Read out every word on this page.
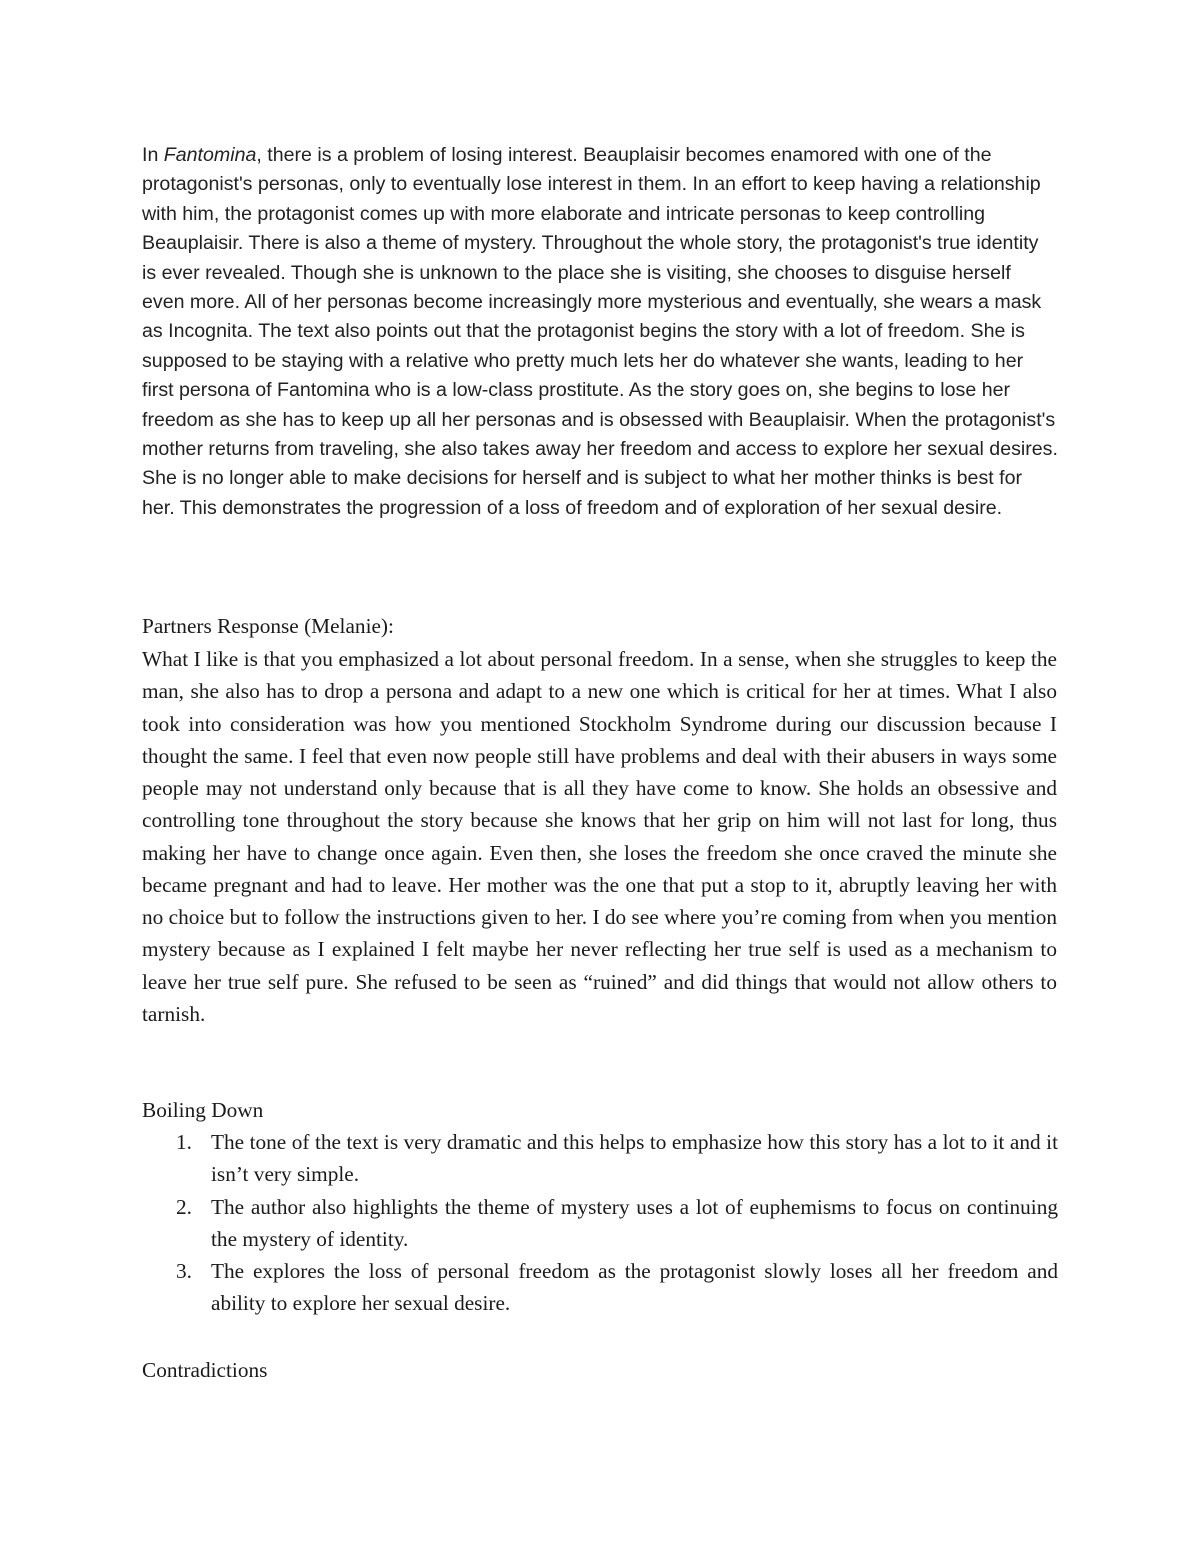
In Fantomina, there is a problem of losing interest. Beauplaisir becomes enamored with one of the protagonist's personas, only to eventually lose interest in them. In an effort to keep having a relationship with him, the protagonist comes up with more elaborate and intricate personas to keep controlling Beauplaisir. There is also a theme of mystery. Throughout the whole story, the protagonist's true identity is ever revealed. Though she is unknown to the place she is visiting, she chooses to disguise herself even more. All of her personas become increasingly more mysterious and eventually, she wears a mask as Incognita. The text also points out that the protagonist begins the story with a lot of freedom. She is supposed to be staying with a relative who pretty much lets her do whatever she wants, leading to her first persona of Fantomina who is a low-class prostitute. As the story goes on, she begins to lose her freedom as she has to keep up all her personas and is obsessed with Beauplaisir. When the protagonist's mother returns from traveling, she also takes away her freedom and access to explore her sexual desires. She is no longer able to make decisions for herself and is subject to what her mother thinks is best for her. This demonstrates the progression of a loss of freedom and of exploration of her sexual desire.

Partners Response (Melanie):

What I like is that you emphasized a lot about personal freedom. In a sense, when she struggles to keep the man, she also has to drop a persona and adapt to a new one which is critical for her at times. What I also took into consideration was how you mentioned Stockholm Syndrome during our discussion because I thought the same. I feel that even now people still have problems and deal with their abusers in ways some people may not understand only because that is all they have come to know. She holds an obsessive and controlling tone throughout the story because she knows that her grip on him will not last for long, thus making her have to change once again. Even then, she loses the freedom she once craved the minute she became pregnant and had to leave. Her mother was the one that put a stop to it, abruptly leaving her with no choice but to follow the instructions given to her. I do see where you’re coming from when you mention mystery because as I explained I felt maybe her never reflecting her true self is used as a mechanism to leave her true self pure. She refused to be seen as “ruined” and did things that would not allow others to tarnish.

Boiling Down

1. The tone of the text is very dramatic and this helps to emphasize how this story has a lot to it and it isn’t very simple.
2. The author also highlights the theme of mystery uses a lot of euphemisms to focus on continuing the mystery of identity.
3. The explores the loss of personal freedom as the protagonist slowly loses all her freedom and ability to explore her sexual desire.

Contradictions
